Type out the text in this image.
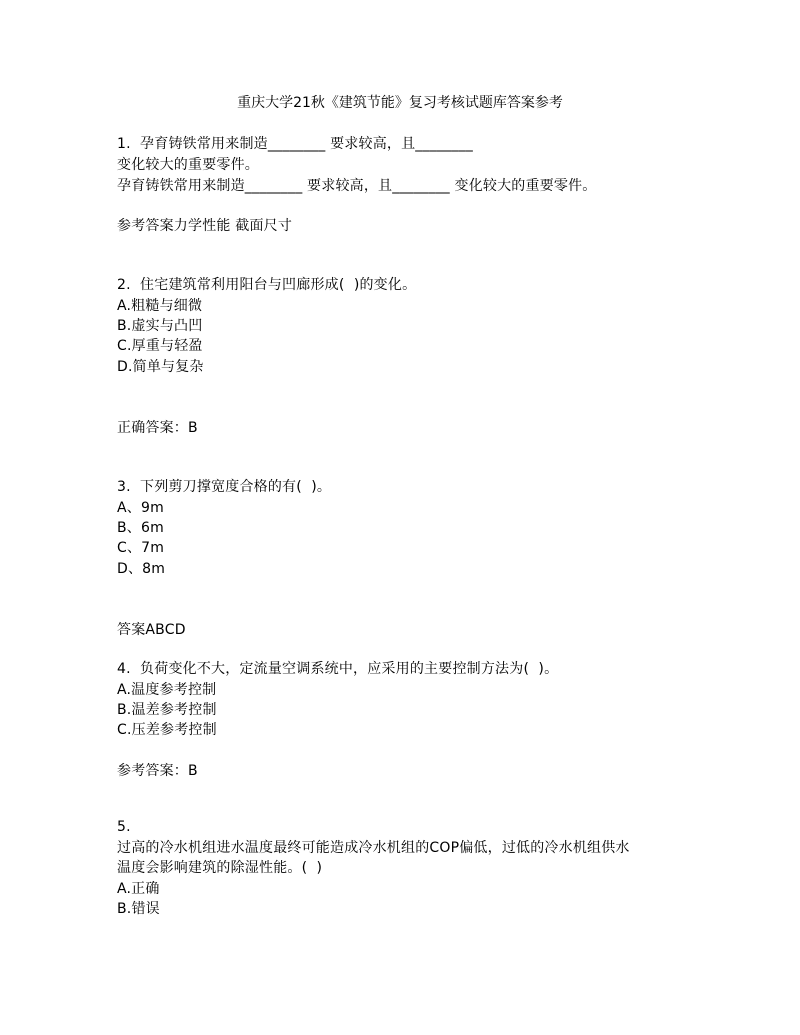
重庆大学21秋《建筑节能》复习考核试题库答案参考
1.  孕育铸铁常用来制造________ 要求较高，且________
变化较大的重要零件。
孕育铸铁常用来制造________ 要求较高，且________ 变化较大的重要零件。
参考答案力学性能 截面尺寸
2.  住宅建筑常利用阳台与凹廊形成(  )的变化。
A.粗糙与细微
B.虚实与凸凹
C.厚重与轻盈
D.简单与复杂
正确答案：B
3.  下列剪刀撑宽度合格的有(  )。
A、9m
B、6m
C、7m
D、8m
答案ABCD
4.  负荷变化不大，定流量空调系统中，应采用的主要控制方法为(  )。
A.温度参考控制
B.温差参考控制
C.压差参考控制
参考答案：B
5.
过高的冷水机组进水温度最终可能造成冷水机组的COP偏低，过低的冷水机组供水
温度会影响建筑的除湿性能。(  )
A.正确
B.错误
